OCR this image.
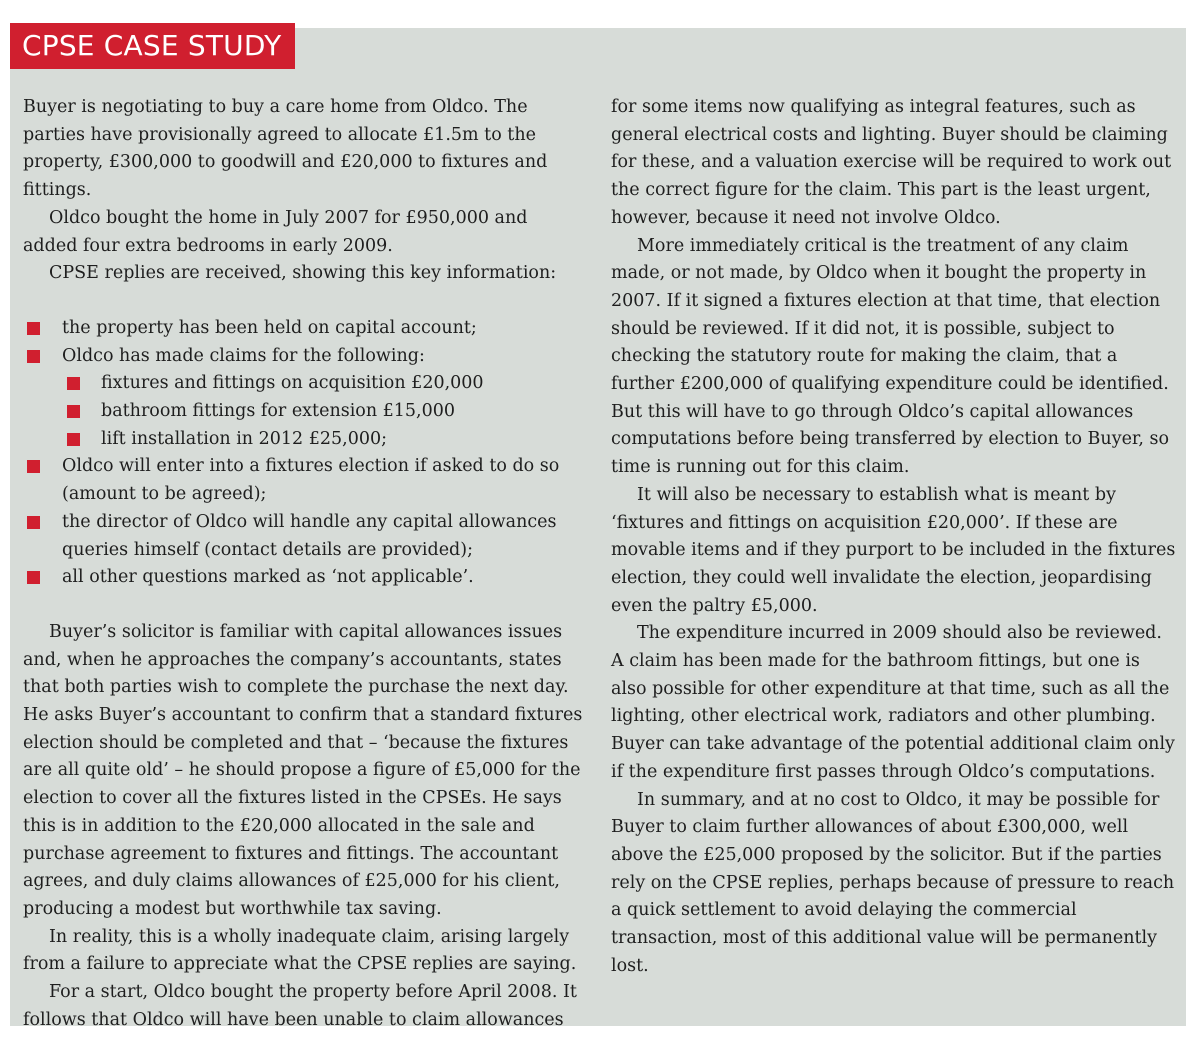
CPSE CASE STUDY

Buyer is negotiating to buy a care home from Oldco. The parties have provisionally agreed to allocate £1.5m to the property, £300,000 to goodwill and £20,000 to fixtures and fittings.

Oldco bought the home in July 2007 for £950,000 and added four extra bedrooms in early 2009.

CPSE replies are received, showing this key information:

the property has been held on capital account;
Oldco has made claims for the following:
fixtures and fittings on acquisition £20,000
bathroom fittings for extension £15,000
lift installation in 2012 £25,000;
Oldco will enter into a fixtures election if asked to do so (amount to be agreed);
the director of Oldco will handle any capital allowances queries himself (contact details are provided);
all other questions marked as ‘not applicable’.

Buyer’s solicitor is familiar with capital allowances issues and, when he approaches the company’s accountants, states that both parties wish to complete the purchase the next day. He asks Buyer’s accountant to confirm that a standard fixtures election should be completed and that – ‘because the fixtures are all quite old’ – he should propose a figure of £5,000 for the election to cover all the fixtures listed in the CPSEs. He says this is in addition to the £20,000 allocated in the sale and purchase agreement to fixtures and fittings. The accountant agrees, and duly claims allowances of £25,000 for his client, producing a modest but worthwhile tax saving.

In reality, this is a wholly inadequate claim, arising largely from a failure to appreciate what the CPSE replies are saying.

For a start, Oldco bought the property before April 2008. It follows that Oldco will have been unable to claim allowances

for some items now qualifying as integral features, such as general electrical costs and lighting. Buyer should be claiming for these, and a valuation exercise will be required to work out the correct figure for the claim. This part is the least urgent, however, because it need not involve Oldco.

More immediately critical is the treatment of any claim made, or not made, by Oldco when it bought the property in 2007. If it signed a fixtures election at that time, that election should be reviewed. If it did not, it is possible, subject to checking the statutory route for making the claim, that a further £200,000 of qualifying expenditure could be identified. But this will have to go through Oldco’s capital allowances computations before being transferred by election to Buyer, so time is running out for this claim.

It will also be necessary to establish what is meant by ‘fixtures and fittings on acquisition £20,000’. If these are movable items and if they purport to be included in the fixtures election, they could well invalidate the election, jeopardising even the paltry £5,000.

The expenditure incurred in 2009 should also be reviewed. A claim has been made for the bathroom fittings, but one is also possible for other expenditure at that time, such as all the lighting, other electrical work, radiators and other plumbing. Buyer can take advantage of the potential additional claim only if the expenditure first passes through Oldco’s computations.

In summary, and at no cost to Oldco, it may be possible for Buyer to claim further allowances of about £300,000, well above the £25,000 proposed by the solicitor. But if the parties rely on the CPSE replies, perhaps because of pressure to reach a quick settlement to avoid delaying the commercial transaction, most of this additional value will be permanently lost.
